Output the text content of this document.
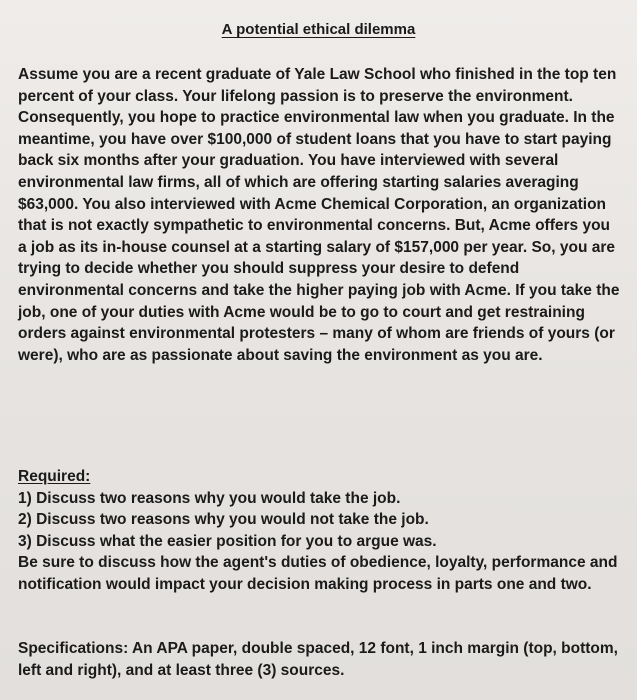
A potential ethical dilemma

Assume you are a recent graduate of Yale Law School who finished in the top ten percent of your class. Your lifelong passion is to preserve the environment. Consequently, you hope to practice environmental law when you graduate. In the meantime, you have over $100,000 of student loans that you have to start paying back six months after your graduation. You have interviewed with several environmental law firms, all of which are offering starting salaries averaging $63,000. You also interviewed with Acme Chemical Corporation, an organization that is not exactly sympathetic to environmental concerns. But, Acme offers you a job as its in-house counsel at a starting salary of $157,000 per year. So, you are trying to decide whether you should suppress your desire to defend environmental concerns and take the higher paying job with Acme. If you take the job, one of your duties with Acme would be to go to court and get restraining orders against environmental protesters – many of whom are friends of yours (or were), who are as passionate about saving the environment as you are.

Required:
1) Discuss two reasons why you would take the job.
2) Discuss two reasons why you would not take the job.
3) Discuss what the easier position for you to argue was.
Be sure to discuss how the agent's duties of obedience, loyalty, performance and notification would impact your decision making process in parts one and two.

Specifications: An APA paper, double spaced, 12 font, 1 inch margin (top, bottom, left and right), and at least three (3) sources.
